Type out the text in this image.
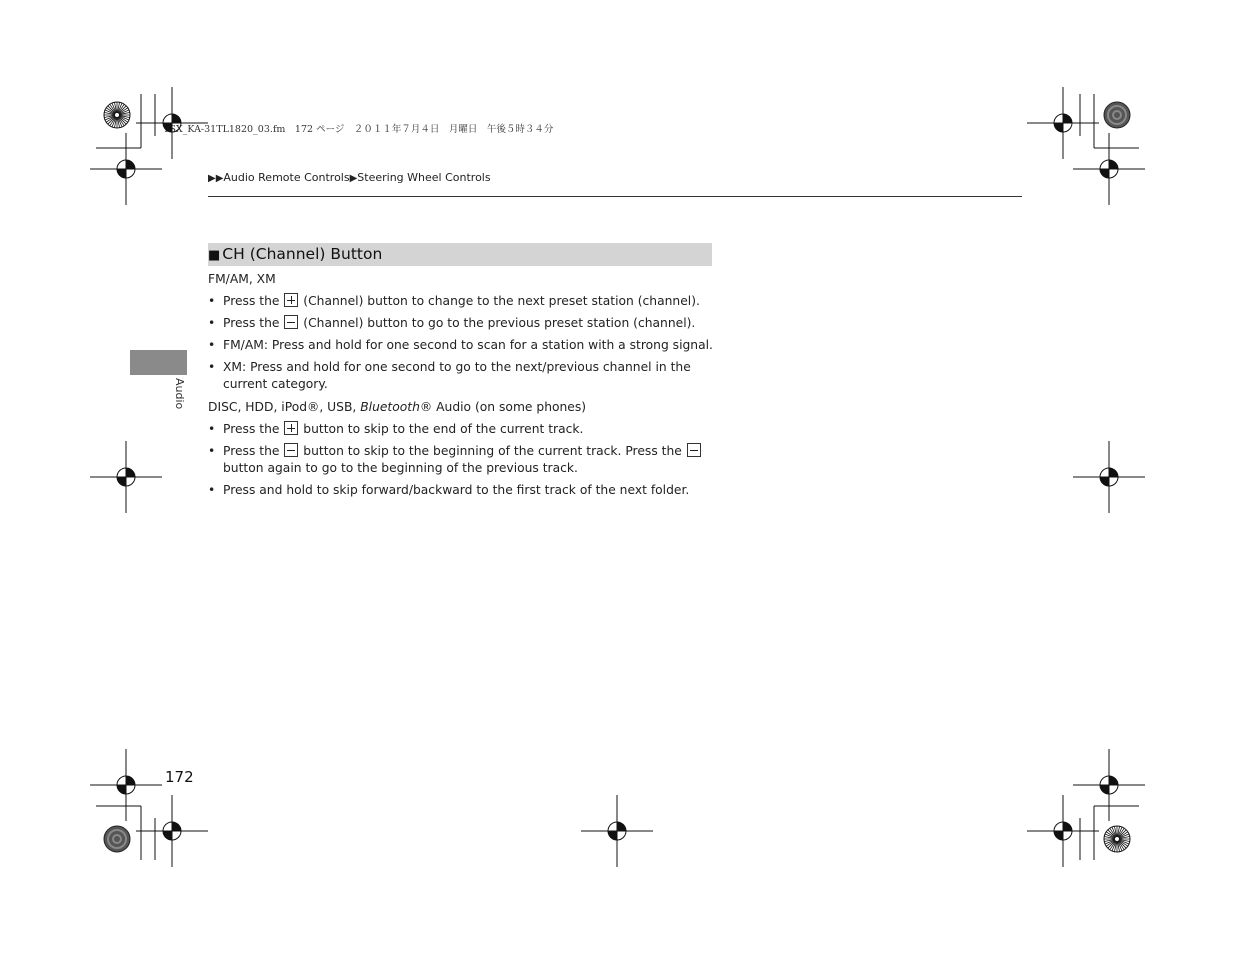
TSX_KA-31TL1820_03.fm　172 ページ　２０１１年７月４日　月曜日　午後５時３４分
▶▶Audio Remote Controls▶Steering Wheel Controls
■ CH (Channel) Button
FM/AM, XM
• Press the (Channel) button to change to the next preset station (channel).
• Press the (Channel) button to go to the previous preset station (channel).
• FM/AM: Press and hold for one second to scan for a station with a strong signal.
• XM: Press and hold for one second to go to the next/previous channel in the current category.
DISC, HDD, iPod®, USB, Bluetooth® Audio (on some phones)
• Press the button to skip to the end of the current track.
• Press the button to skip to the beginning of the current track. Press the
button again to go to the beginning of the previous track.
• Press and hold to skip forward/backward to the first track of the next folder.
Audio
172
